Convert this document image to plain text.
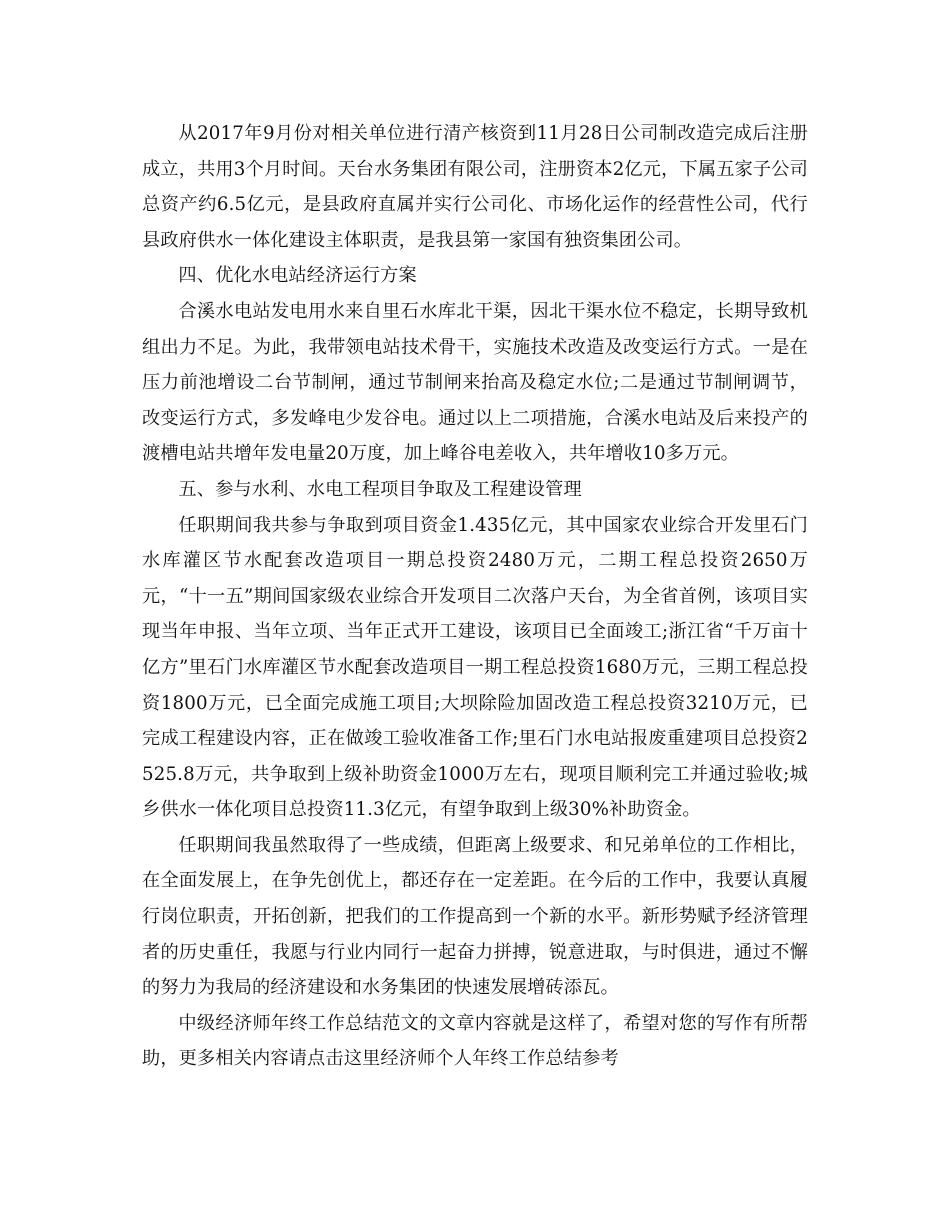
从2017年9月份对相关单位进行清产核资到11月28日公司制改造完成后注册成立，共用3个月时间。天台水务集团有限公司，注册资本2亿元，下属五家子公司总资产约6.5亿元，是县政府直属并实行公司化、市场化运作的经营性公司，代行县政府供水一体化建设主体职责，是我县第一家国有独资集团公司。

四、优化水电站经济运行方案

合溪水电站发电用水来自里石水库北干渠，因北干渠水位不稳定，长期导致机组出力不足。为此，我带领电站技术骨干，实施技术改造及改变运行方式。一是在压力前池增设二台节制闸，通过节制闸来抬高及稳定水位;二是通过节制闸调节，改变运行方式，多发峰电少发谷电。通过以上二项措施，合溪水电站及后来投产的渡槽电站共增年发电量20万度，加上峰谷电差收入，共年增收10多万元。

五、参与水利、水电工程项目争取及工程建设管理

任职期间我共参与争取到项目资金1.435亿元，其中国家农业综合开发里石门水库灌区节水配套改造项目一期总投资2480万元，二期工程总投资2650万元，“十一五”期间国家级农业综合开发项目二次落户天台，为全省首例，该项目实现当年申报、当年立项、当年正式开工建设，该项目已全面竣工;浙江省“千万亩十亿方”里石门水库灌区节水配套改造项目一期工程总投资1680万元，三期工程总投资1800万元，已全面完成施工项目;大坝除险加固改造工程总投资3210万元，已完成工程建设内容，正在做竣工验收准备工作;里石门水电站报废重建项目总投资2525.8万元，共争取到上级补助资金1000万左右，现项目顺利完工并通过验收;城乡供水一体化项目总投资11.3亿元，有望争取到上级30%补助资金。

任职期间我虽然取得了一些成绩，但距离上级要求、和兄弟单位的工作相比，在全面发展上，在争先创优上，都还存在一定差距。在今后的工作中，我要认真履行岗位职责，开拓创新，把我们的工作提高到一个新的水平。新形势赋予经济管理者的历史重任，我愿与行业内同行一起奋力拼搏，锐意进取，与时俱进，通过不懈的努力为我局的经济建设和水务集团的快速发展增砖添瓦。

中级经济师年终工作总结范文的文章内容就是这样了，希望对您的写作有所帮助，更多相关内容请点击这里经济师个人年终工作总结参考
